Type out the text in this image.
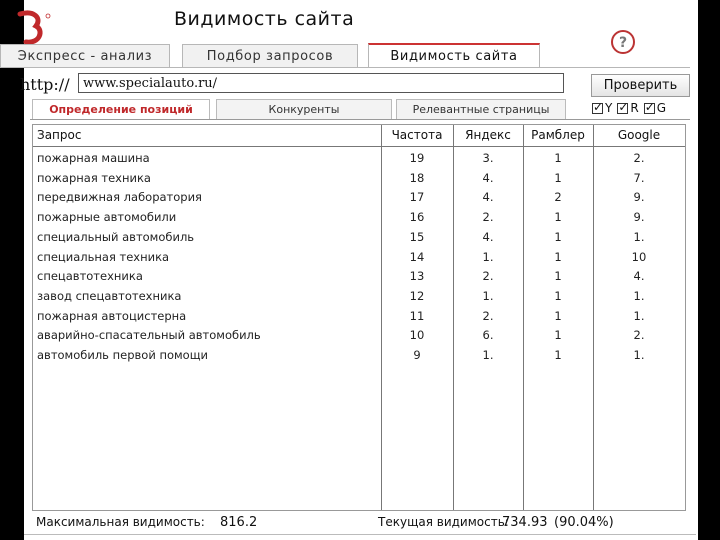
Видимость сайта
?
Экспресс - анализ	Подбор запросов	Видимость сайта
http://
www.specialauto.ru/	Проверить
Определение позиций	Конкуренты	Релевантные страницы ✓	Y ✓ R ✓ G
Запрос	Частота	Яндекс	Рамблер	Google
пожарная машина	19	3.	1	2.
пожарная техника	18	4.	1	7.
передвижная лаборатория	17	4.	2	9.
пожарные автомобили	16	2.	1	9.
специальный автомобиль	15	4.	1	1.
специальная техника	14	1.	1	10
спецавтотехника	13	2.	1	4.
завод спецавтотехника	12	1.	1	1.
пожарная автоцистерна	11	2.	1	1.
аварийно-спасательный автомобиль	10	6.	1	2.
автомобиль первой помощи	9	1.	1	1.
Максимальная видимость: 816.2	Текущая видимость:
734.93 (90.04%)
